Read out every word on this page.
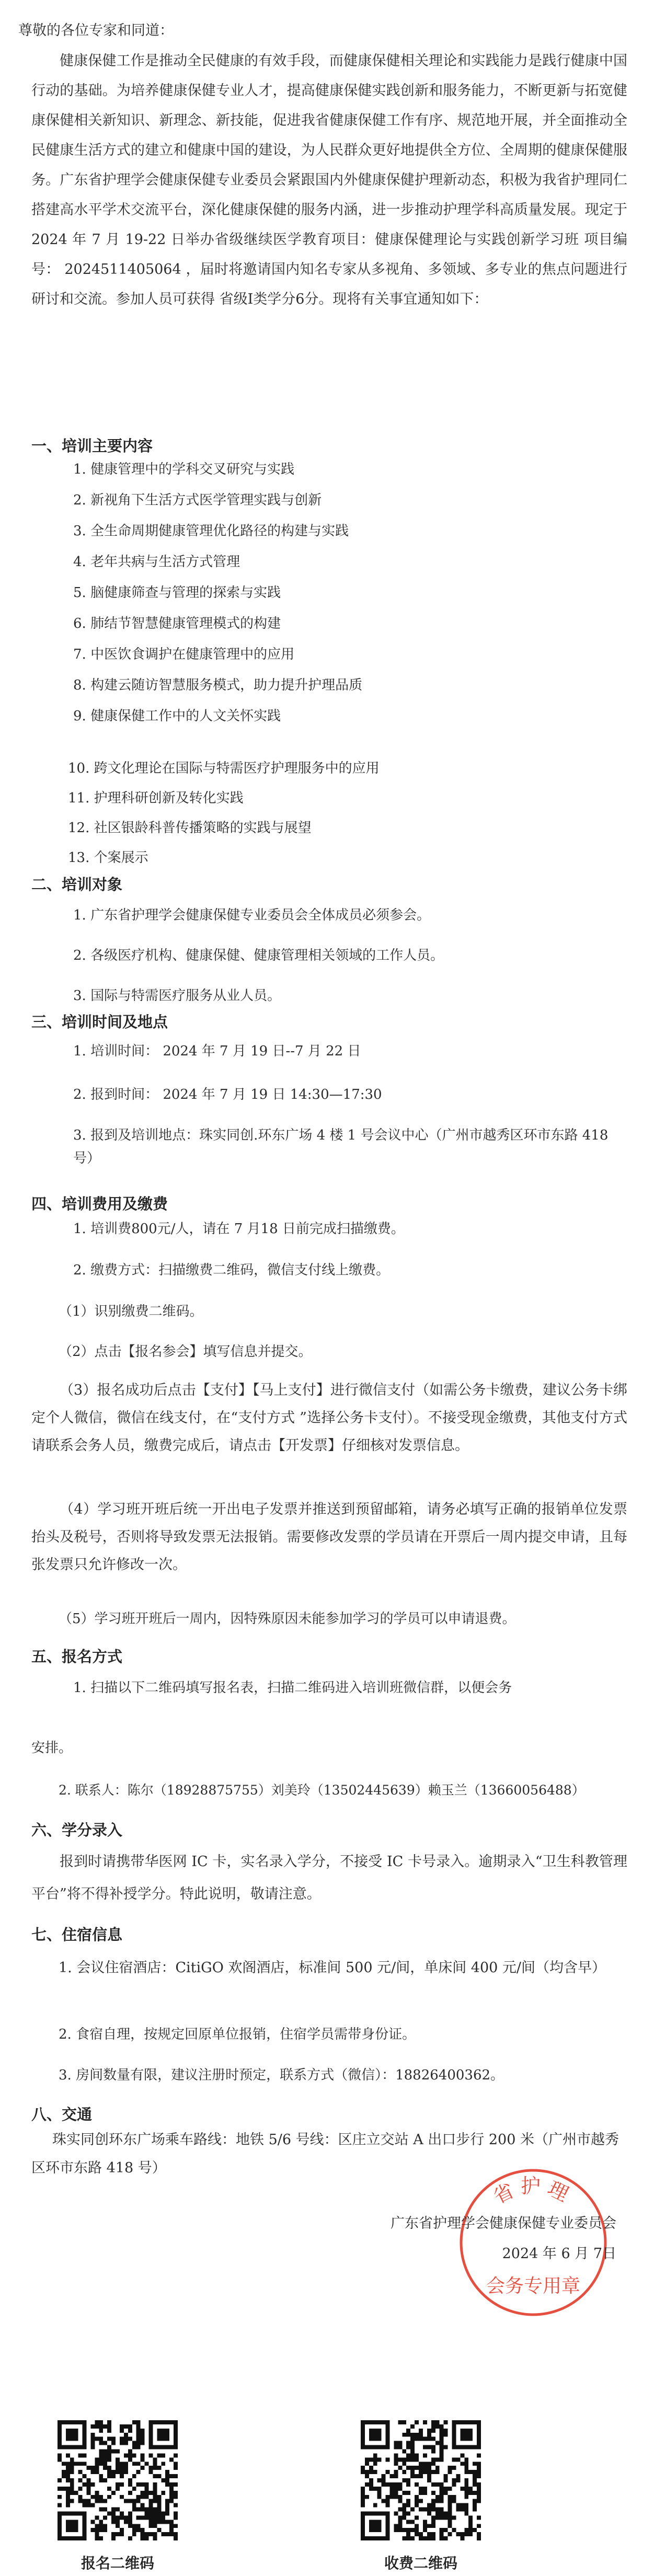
尊敬的各位专家和同道：

健康保健工作是推动全民健康的有效手段，而健康保健相关理论和实践能力是践行健康中国行动的基础。为培养健康保健专业人才，提高健康保健实践创新和服务能力，不断更新与拓宽健康保健相关新知识、新理念、新技能，促进我省健康保健工作有序、规范地开展，并全面推动全民健康生活方式的建立和健康中国的建设，为人民群众更好地提供全方位、全周期的健康保健服务。广东省护理学会健康保健专业委员会紧跟国内外健康保健护理新动态，积极为我省护理同仁搭建高水平学术交流平台，深化健康保健的服务内涵，进一步推动护理学科高质量发展。现定于 2024 年 7 月 19-22 日举办省级继续医学教育项目：健康保健理论与实践创新学习班 项目编号： 2024511405064 ，届时将邀请国内知名专家从多视角、多领域、多专业的焦点问题进行研讨和交流。参加人员可获得 省级Ⅰ类学分6分。现将有关事宜通知如下：

一、培训主要内容
1. 健康管理中的学科交叉研究与实践
2. 新视角下生活方式医学管理实践与创新
3. 全生命周期健康管理优化路径的构建与实践
4. 老年共病与生活方式管理
5. 脑健康筛查与管理的探索与实践
6. 肺结节智慧健康管理模式的构建
7. 中医饮食调护在健康管理中的应用
8. 构建云随访智慧服务模式，助力提升护理品质
9. 健康保健工作中的人文关怀实践
10. 跨文化理论在国际与特需医疗护理服务中的应用
11. 护理科研创新及转化实践
12. 社区银龄科普传播策略的实践与展望
13. 个案展示
二、培训对象
1. 广东省护理学会健康保健专业委员会全体成员必须参会。
2. 各级医疗机构、健康保健、健康管理相关领域的工作人员。
3. 国际与特需医疗服务从业人员。
三、培训时间及地点
1. 培训时间： 2024 年 7 月 19 日--7 月 22 日
2. 报到时间： 2024 年 7 月 19 日 14:30—17:30
3. 报到及培训地点：珠实同创.环东广场 4 楼 1 号会议中心（广州市越秀区环市东路 418 号）
四、培训费用及缴费
1. 培训费800元/人，请在 7 月18 日前完成扫描缴费。
2. 缴费方式：扫描缴费二维码，微信支付线上缴费。
（1）识别缴费二维码。
（2）点击【报名参会】填写信息并提交。
（3）报名成功后点击【支付】【马上支付】进行微信支付（如需公务卡缴费，建议公务卡绑定个人微信，微信在线支付，在“支付方式 ”选择公务卡支付）。不接受现金缴费，其他支付方式请联系会务人员，缴费完成后，请点击【开发票】仔细核对发票信息。
（4）学习班开班后统一开出电子发票并推送到预留邮箱，请务必填写正确的报销单位发票抬头及税号，否则将导致发票无法报销。需要修改发票的学员请在开票后一周内提交申请，且每张发票只允许修改一次。
（5）学习班开班后一周内，因特殊原因未能参加学习的学员可以申请退费。
五、报名方式
1. 扫描以下二维码填写报名表，扫描二维码进入培训班微信群，以便会务
安排。
2. 联系人：陈尔（18928875755）刘美玲（13502445639）赖玉兰（13660056488）
六、学分录入
报到时请携带华医网 IC 卡，实名录入学分，不接受 IC 卡号录入。逾期录入“卫生科教管理平台”将不得补授学分。特此说明，敬请注意。
七、住宿信息
1. 会议住宿酒店：CitiGO 欢阁酒店，标准间 500 元/间，单床间 400 元/间（均含早）
2. 食宿自理，按规定回原单位报销，住宿学员需带身份证。
3. 房间数量有限，建议注册时预定，联系方式（微信）：18826400362。
八、交通
珠实同创环东广场乘车路线：地铁 5/6 号线：区庄立交站 A 出口步行 200 米（广州市越秀区环市东路 418 号）
省护理
会务专用章
广东省护理学会健康保健专业委员会
2024 年 6 月 7日
报名二维码	收费二维码
